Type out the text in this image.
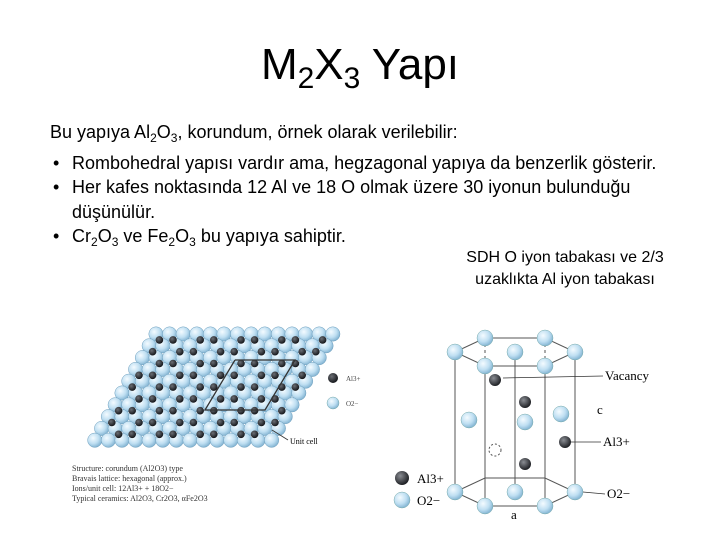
$M_2X_3$ Yapı
Bu yapıya $Al_2O_3$, korundum, örnek olarak verilebilir:
• Rombohedral yapısı vardır ama, hegzagonal yapıya da benzerlik gösterir.
• Her kafes noktasında 12 Al ve 18 O olmak üzere 30 iyonun bulunduğu düşünülür.
• $Cr_2O_3$ ve $Fe_2O_3$ bu yapıya sahiptir.
SDH O iyon tabakası ve 2/3
uzaklıkta Al iyon tabakası
Unit cell
Al3+
O2−
Structure: corundum (Al2O3) type
Bravais lattice: hexagonal (approx.)
Ions/unit cell: 12Al3+ + 18O2−
Typical ceramics: Al2O3, Cr2O3, αFe2O3
Vacancy
c
Al3+
O2−
a
Al3+
O2−
